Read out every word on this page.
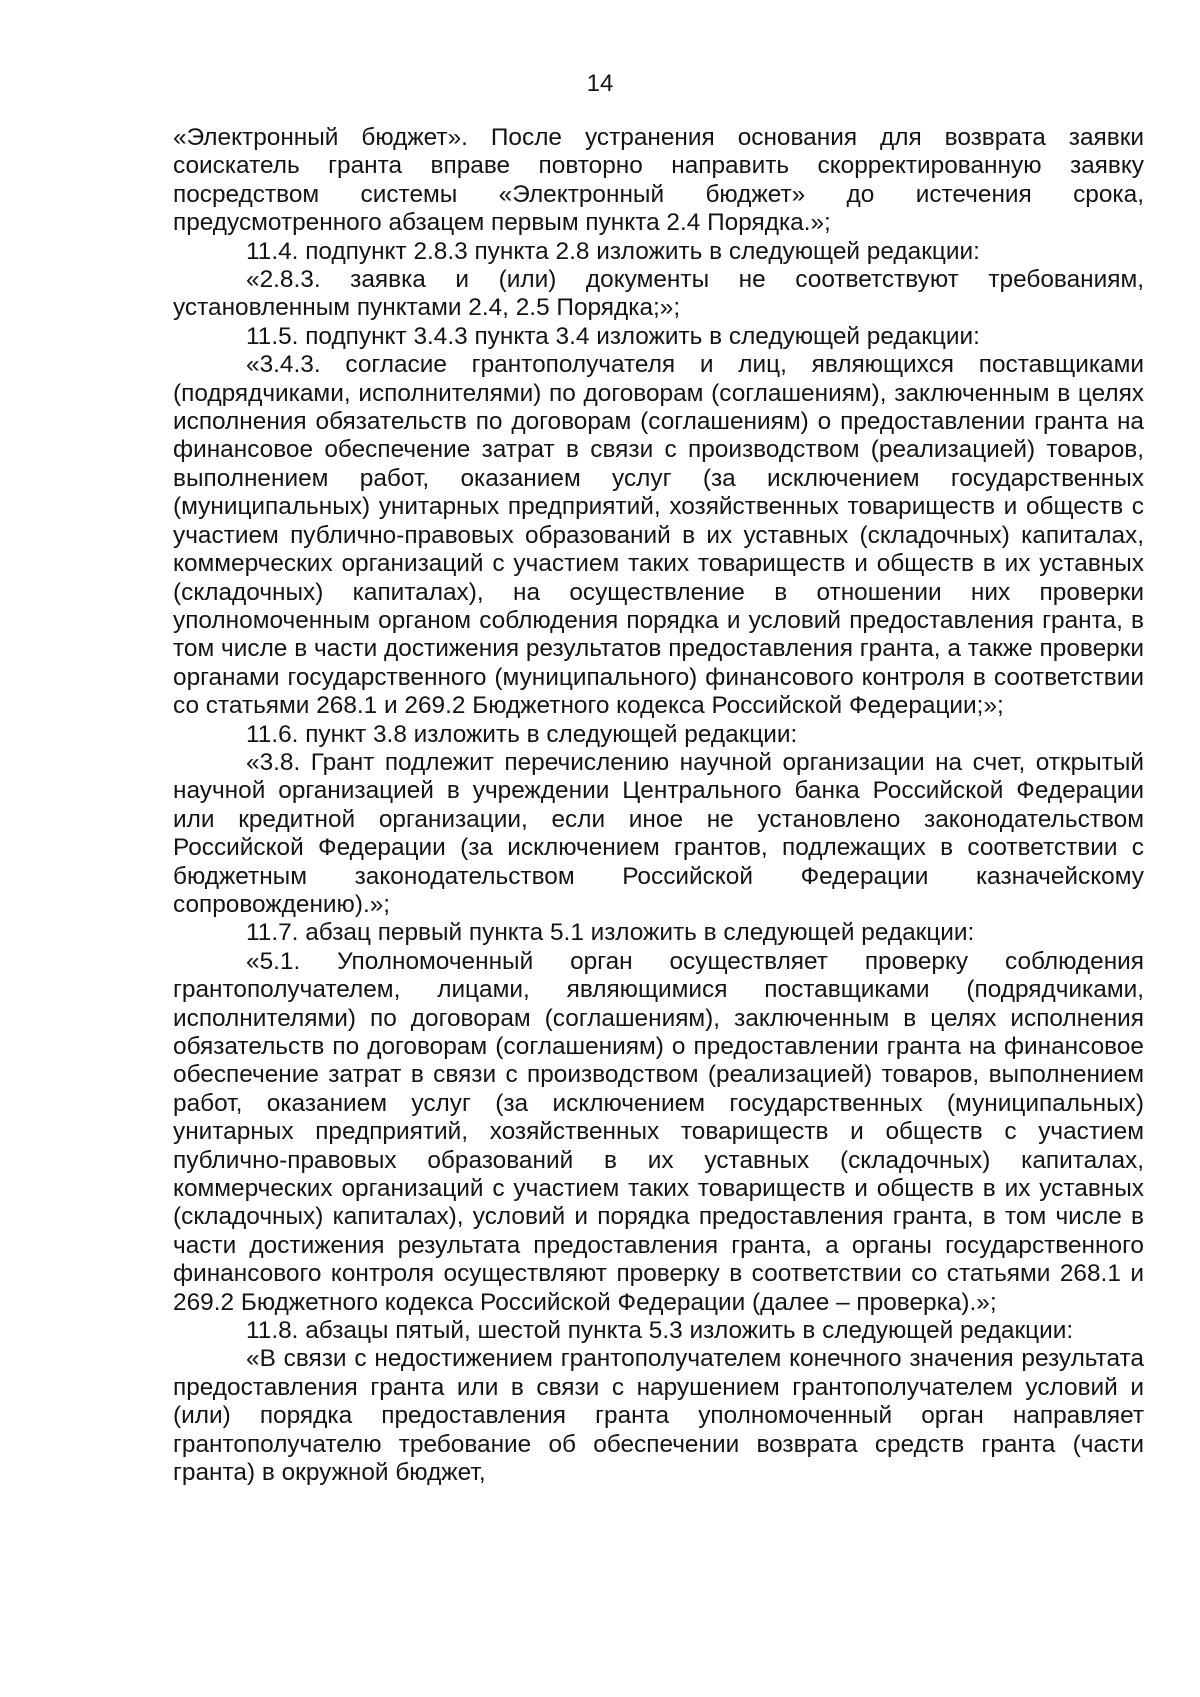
14

«Электронный бюджет». После устранения основания для возврата заявки соискатель гранта вправе повторно направить скорректированную заявку посредством системы «Электронный бюджет» до истечения срока, предусмотренного абзацем первым пункта 2.4 Порядка.»;

11.4. подпункт 2.8.3 пункта 2.8 изложить в следующей редакции:

«2.8.3. заявка и (или) документы не соответствуют требованиям, установленным пунктами 2.4, 2.5 Порядка;»;

11.5. подпункт 3.4.3 пункта 3.4 изложить в следующей редакции:

«3.4.3. согласие грантополучателя и лиц, являющихся поставщиками (подрядчиками, исполнителями) по договорам (соглашениям), заключенным в целях исполнения обязательств по договорам (соглашениям) о предоставлении гранта на финансовое обеспечение затрат в связи с производством (реализацией) товаров, выполнением работ, оказанием услуг (за исключением государственных (муниципальных) унитарных предприятий, хозяйственных товариществ и обществ с участием публично-правовых образований в их уставных (складочных) капиталах, коммерческих организаций с участием таких товариществ и обществ в их уставных (складочных) капиталах), на осуществление в отношении них проверки уполномоченным органом соблюдения порядка и условий предоставления гранта, в том числе в части достижения результатов предоставления гранта, а также проверки органами государственного (муниципального) финансового контроля в соответствии со статьями 268.1 и 269.2 Бюджетного кодекса Российской Федерации;»;

11.6. пункт 3.8 изложить в следующей редакции:

«3.8. Грант подлежит перечислению научной организации на счет, открытый научной организацией в учреждении Центрального банка Российской Федерации или кредитной организации, если иное не установлено законодательством Российской Федерации (за исключением грантов, подлежащих в соответствии с бюджетным законодательством Российской Федерации казначейскому сопровождению).»;

11.7. абзац первый пункта 5.1 изложить в следующей редакции:

«5.1. Уполномоченный орган осуществляет проверку соблюдения грантополучателем, лицами, являющимися поставщиками (подрядчиками, исполнителями) по договорам (соглашениям), заключенным в целях исполнения обязательств по договорам (соглашениям) о предоставлении гранта на финансовое обеспечение затрат в связи с производством (реализацией) товаров, выполнением работ, оказанием услуг (за исключением государственных (муниципальных) унитарных предприятий, хозяйственных товариществ и обществ с участием публично-правовых образований в их уставных (складочных) капиталах, коммерческих организаций с участием таких товариществ и обществ в их уставных (складочных) капиталах), условий и порядка предоставления гранта, в том числе в части достижения результата предоставления гранта, а органы государственного финансового контроля осуществляют проверку в соответствии со статьями 268.1 и 269.2 Бюджетного кодекса Российской Федерации (далее – проверка).»;

11.8. абзацы пятый, шестой пункта 5.3 изложить в следующей редакции:

«В связи с недостижением грантополучателем конечного значения результата предоставления гранта или в связи с нарушением грантополучателем условий и (или) порядка предоставления гранта уполномоченный орган направляет грантополучателю требование об обеспечении возврата средств гранта (части гранта) в окружной бюджет,
